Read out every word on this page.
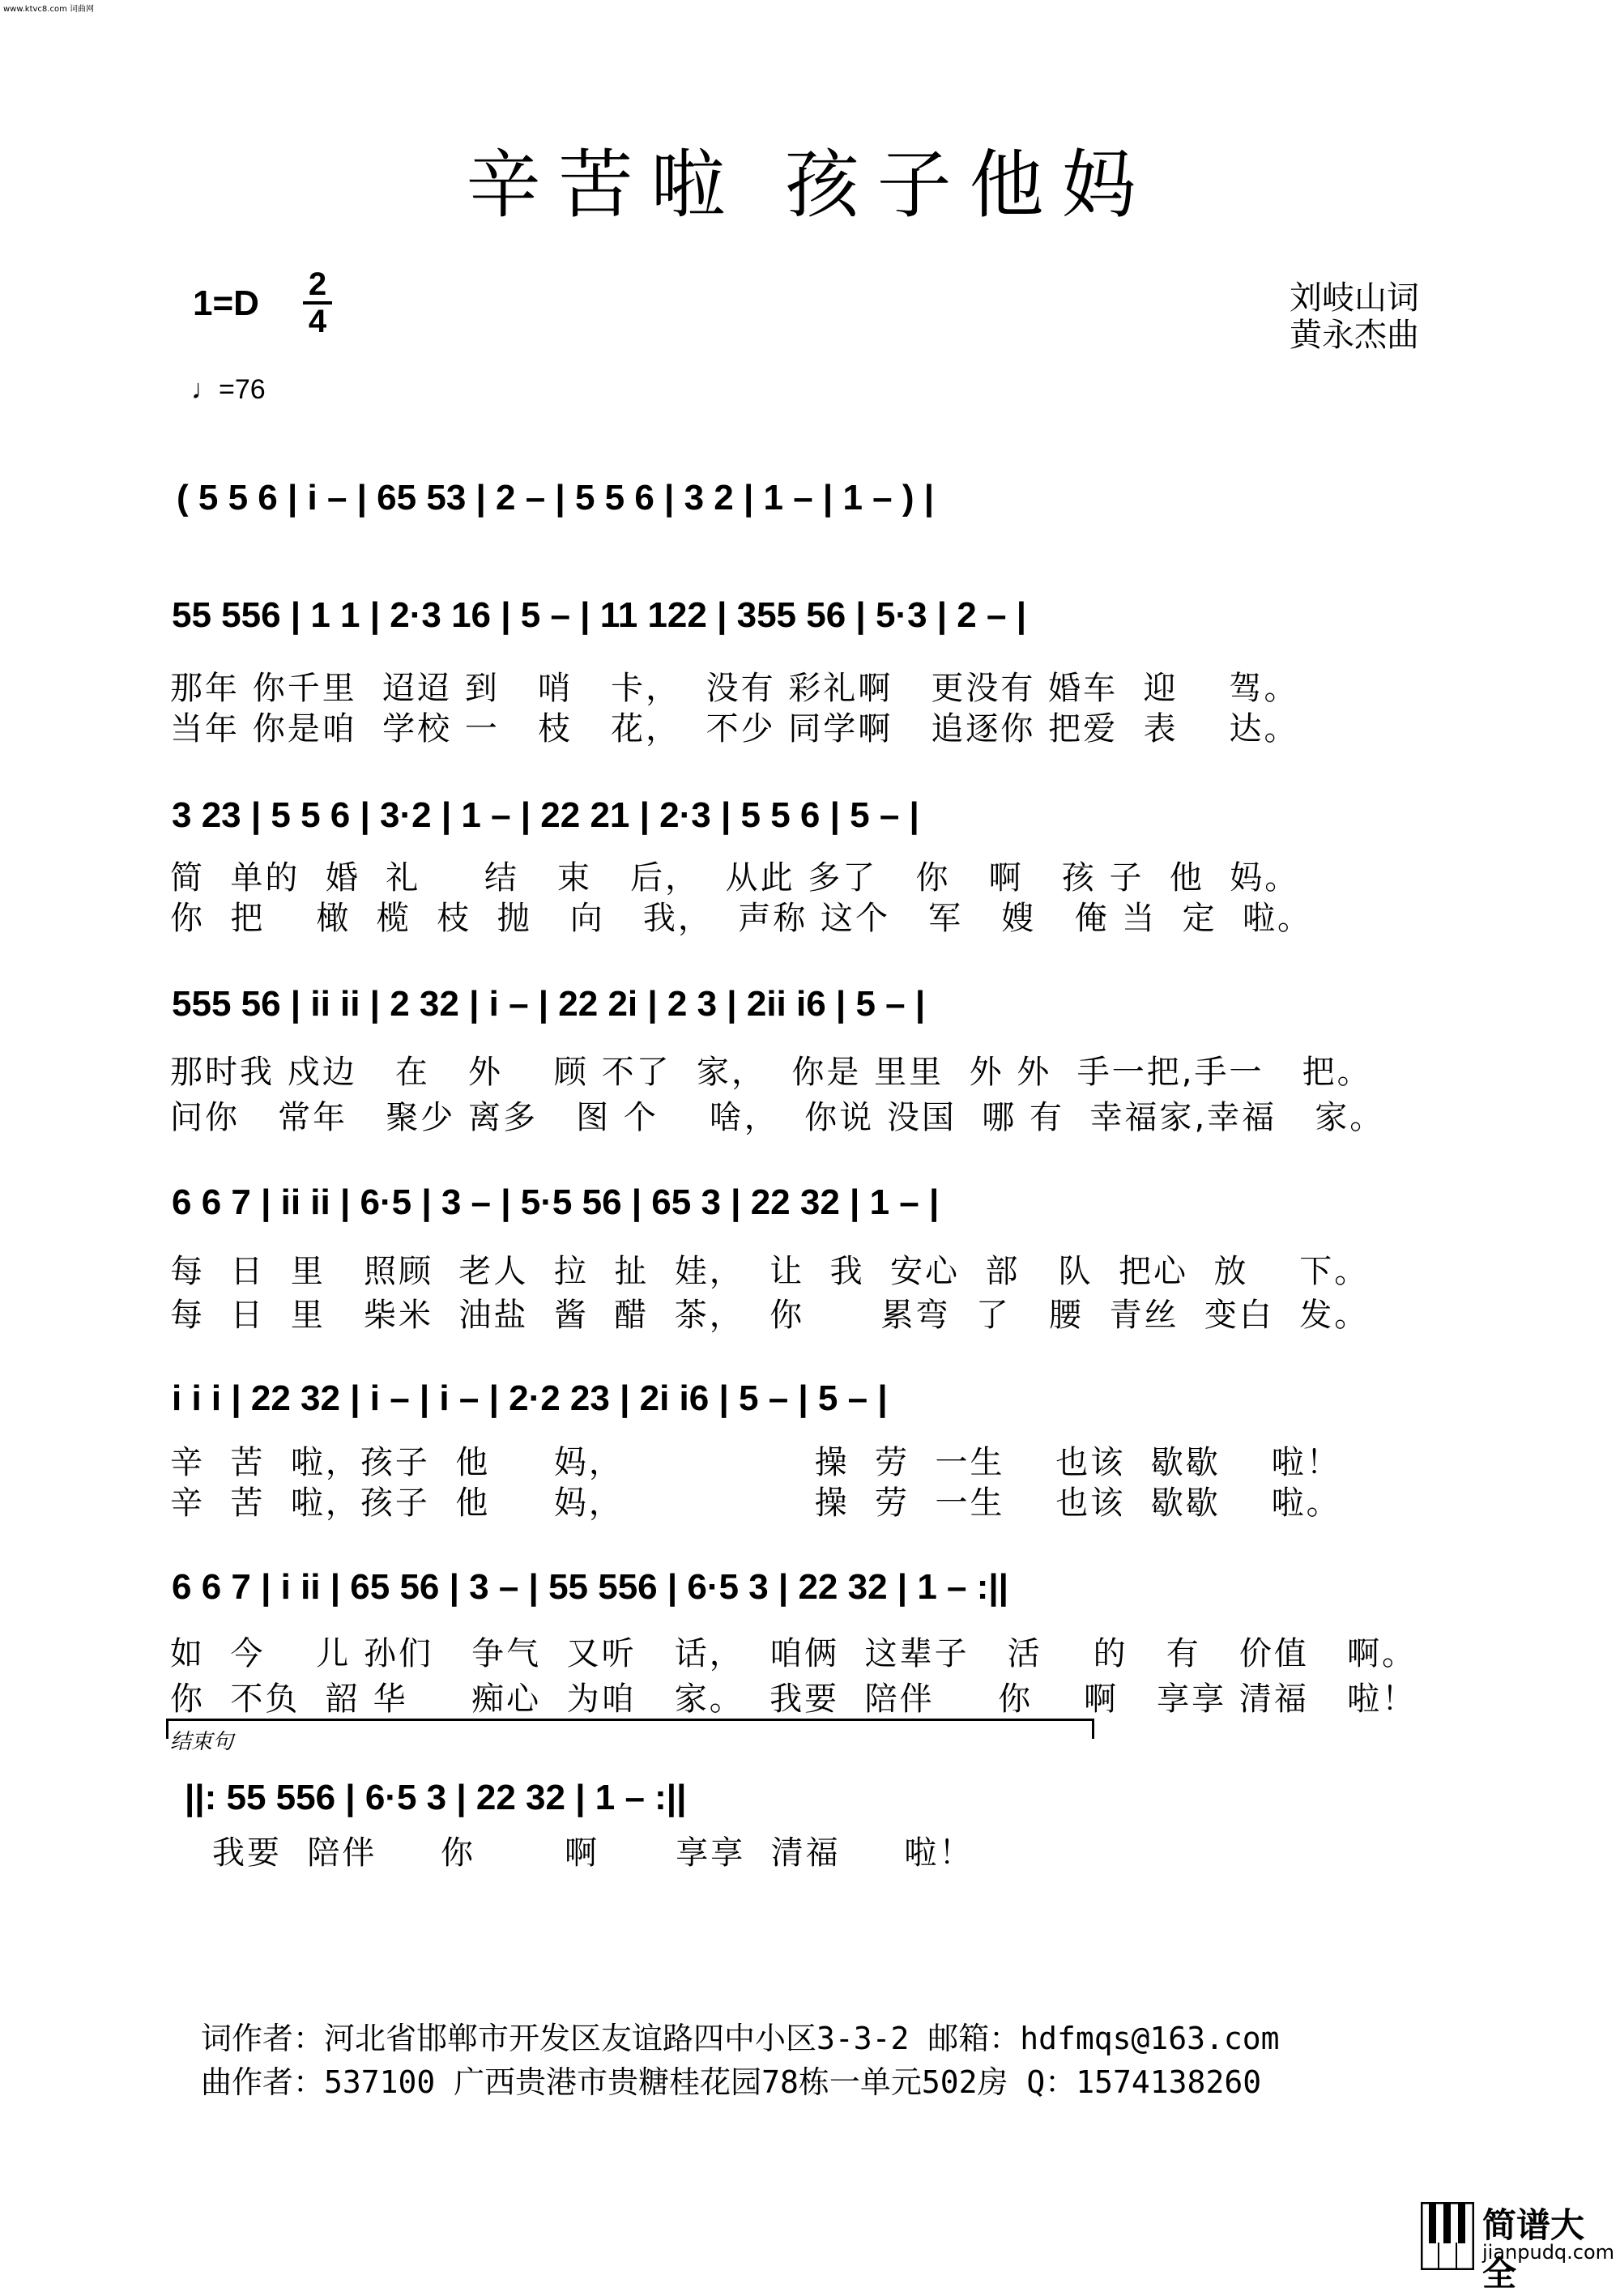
www.ktvc8.com 词曲网
辛苦啦 孩子他妈
1=D 2
4
♩=76
刘岐山词
黄永杰曲
( 5 5 6 | i – | 65 53 | 2 – | 5 5 6 | 3 2 | 1 – | 1 – ) |
55 556 | 1 1 | 2·3 16 | 5 – | 11 122 | 355 56 | 5·3 | 2 – |
那年 你千里  迢迢 到   哨   卡，  没有 彩礼啊   更没有 婚车  迎    驾。
当年 你是咱  学校 一   枝   花，  不少 同学啊   追逐你 把爱  表    达。
3 23 | 5 5 6 | 3·2 | 1 – | 22 21 | 2·3 | 5 5 6 | 5 – |
简  单的  婚  礼     结   束   后，  从此 多了   你   啊   孩 子  他  妈。
你  把    橄  榄  枝  抛   向   我，  声称 这个   军   嫂   俺 当  定  啦。
555 56 | ii ii | 2 32 | i – | 22 2i | 2 3 | 2ii i6 | 5 – |
那时我 戍边   在   外    顾 不了  家，  你是 里里  外 外  手一把,手一   把。
问你   常年   聚少 离多   图 个    啥，  你说 没国  哪 有  幸福家,幸福   家。
6 6 7 | ii ii | 6·5 | 3 – | 5·5 56 | 65 3 | 22 32 | 1 – |
每  日  里   照顾  老人  拉  扯  娃，  让  我  安心  部   队  把心  放    下。
每  日  里   柴米  油盐  酱  醋  茶，  你      累弯  了   腰  青丝  变白  发。
i i i | 22 32 | i – | i – | 2·2 23 | 2i i6 | 5 – | 5 – |
辛  苦  啦，孩子  他     妈，               操  劳  一生    也该  歇歇    啦！
辛  苦  啦，孩子  他     妈，               操  劳  一生    也该  歇歇    啦。
6 6 7 | i ii | 65 56 | 3 – | 55 556 | 6·5 3 | 22 32 | 1 – :||
如  今    儿 孙们   争气  又听   话，  咱俩  这辈子   活    的   有   价值   啊。
你  不负  韶 华     痴心  为咱   家。  我要  陪伴     你    啊   享享 清福   啦！
结束句
||: 55 556 | 6·5 3 | 22 32 | 1 – :||
我要  陪伴     你       啊      享享  清福     啦！
词作者：河北省邯郸市开发区友谊路四中小区3-3-2 邮箱：hdfmqs@163.com
曲作者：537100 广西贵港市贵糖桂花园78栋一单元502房 Q：1574138260
简谱大全
jianpudq.com
